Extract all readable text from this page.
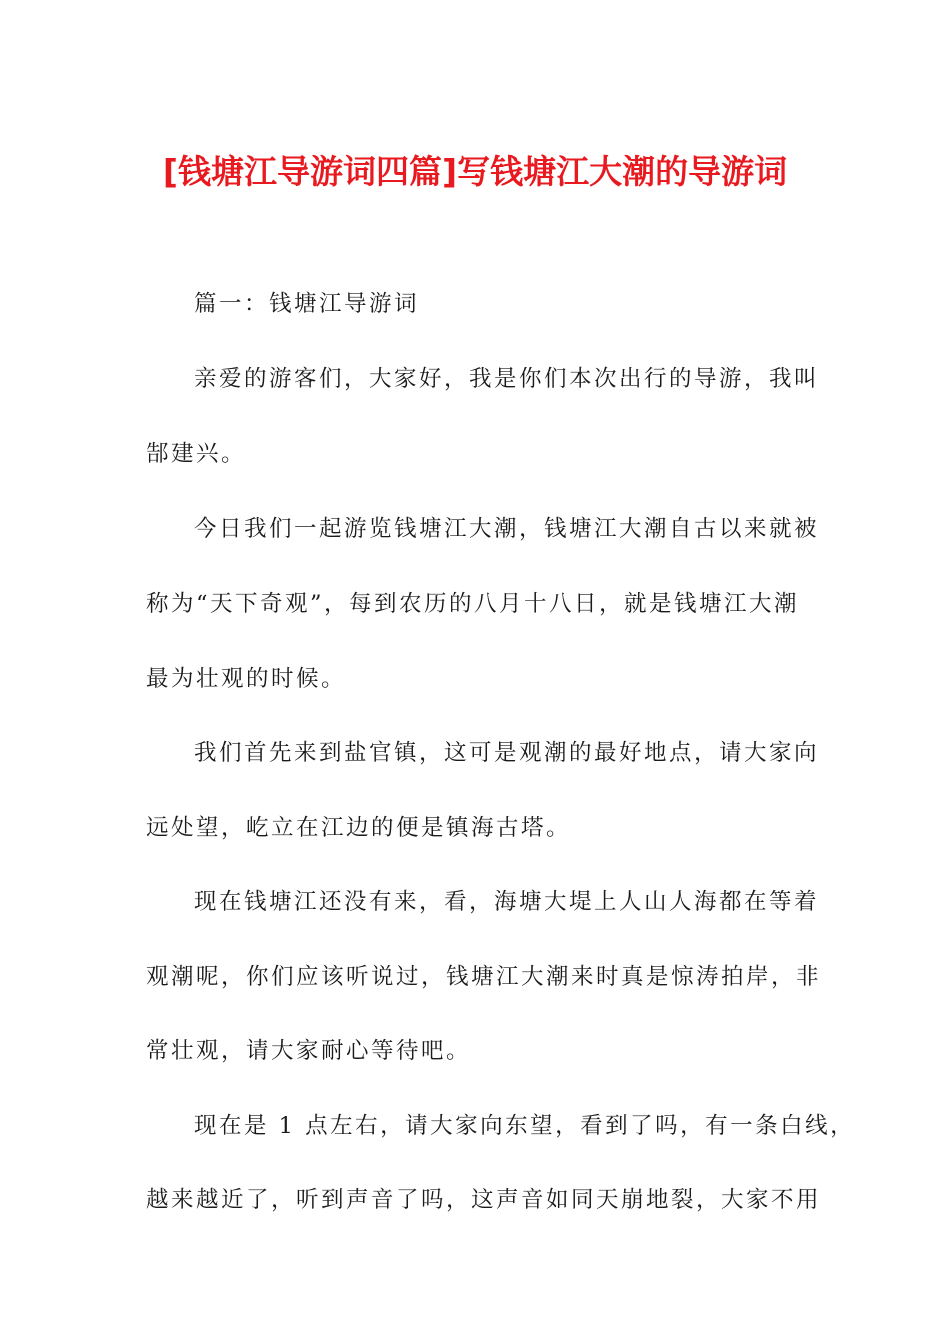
[钱塘江导游词四篇]写钱塘江大潮的导游词
篇一：钱塘江导游词
亲爱的游客们，大家好，我是你们本次出行的导游，我叫
郜建兴。
今日我们一起游览钱塘江大潮，钱塘江大潮自古以来就被
称为“天下奇观”，每到农历的八月十八日，就是钱塘江大潮
最为壮观的时候。
我们首先来到盐官镇，这可是观潮的最好地点，请大家向
远处望，屹立在江边的便是镇海古塔。
现在钱塘江还没有来，看，海塘大堤上人山人海都在等着
观潮呢，你们应该听说过，钱塘江大潮来时真是惊涛拍岸，非
常壮观，请大家耐心等待吧。
现在是 1 点左右，请大家向东望，看到了吗，有一条白线，
越来越近了，听到声音了吗，这声音如同天崩地裂，大家不用
